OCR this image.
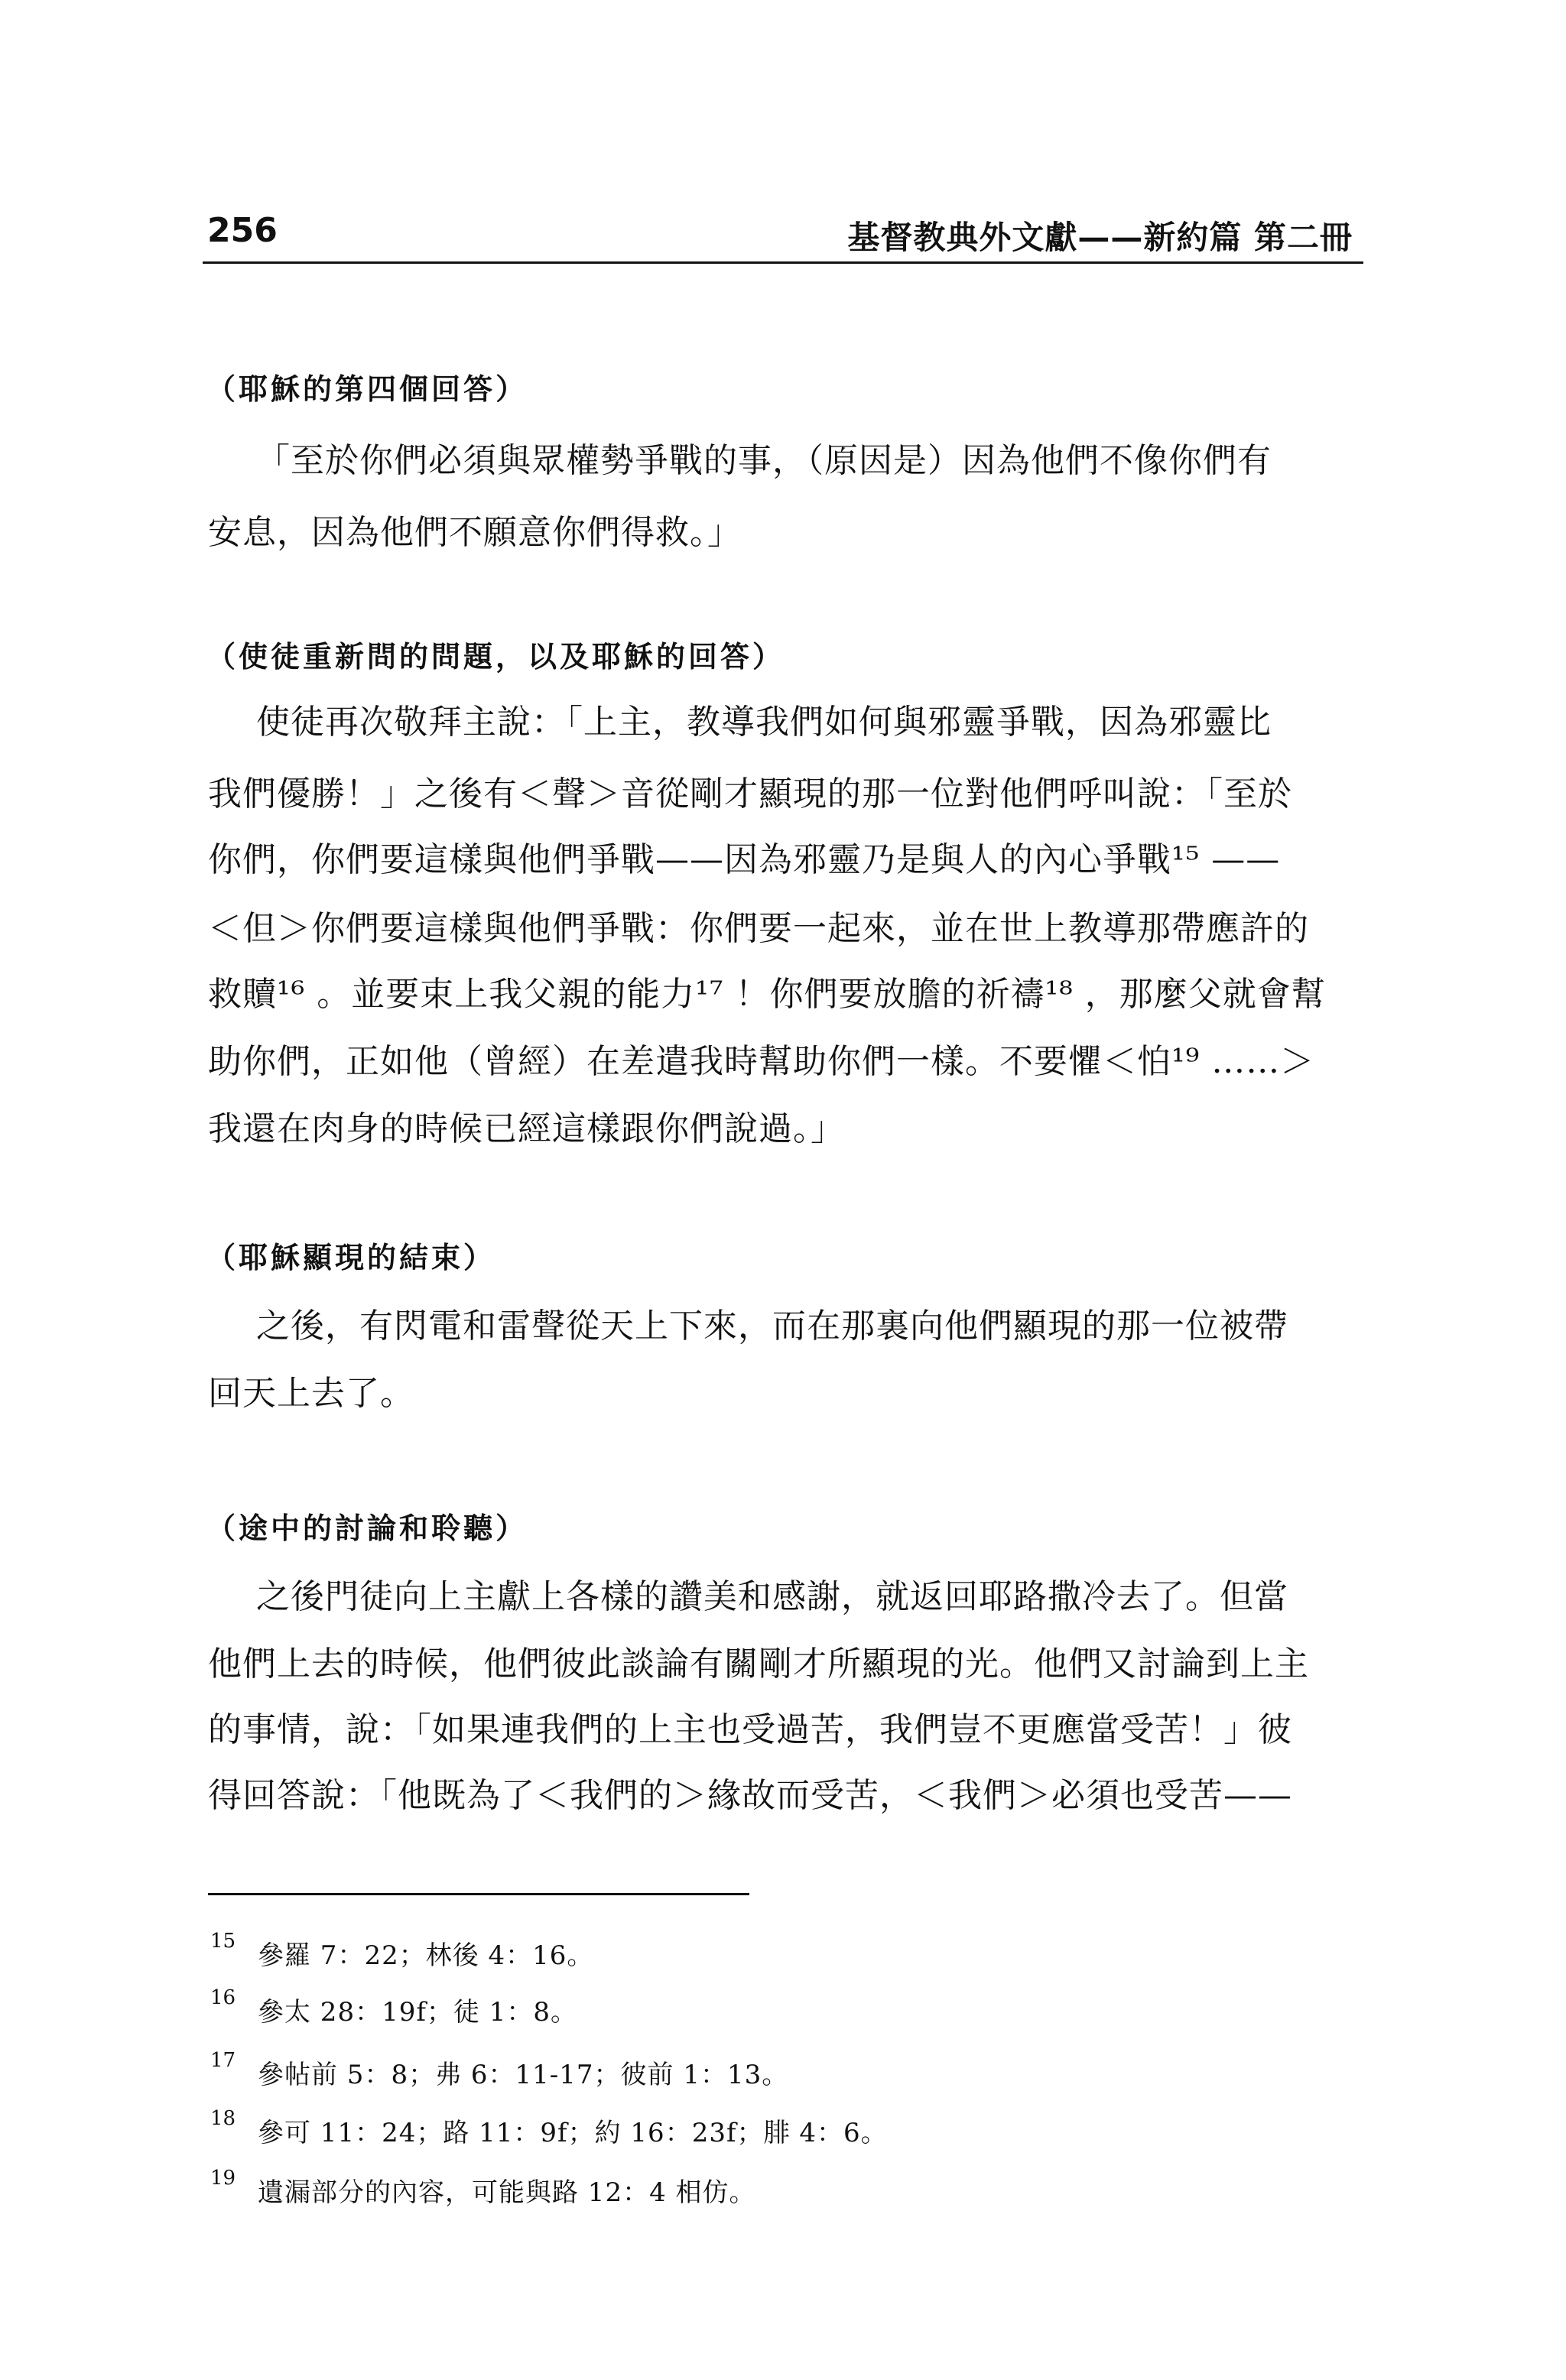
256	基督教典外文獻——新約篇 第二冊
（耶穌的第四個回答）
「至於你們必須與眾權勢爭戰的事，（原因是）因為他們不像你們有
安息，因為他們不願意你們得救。」
（使徒重新問的問題，以及耶穌的回答）
使徒再次敬拜主說：「上主，教導我們如何與邪靈爭戰，因為邪靈比
我們優勝！」之後有＜聲＞音從剛才顯現的那一位對他們呼叫說：「至於
你們，你們要這樣與他們爭戰——因為邪靈乃是與人的內心爭戰¹⁵ ——
＜但＞你們要這樣與他們爭戰：你們要一起來，並在世上教導那帶應許的
救贖¹⁶ 。並要束上我父親的能力¹⁷ ！你們要放膽的祈禱¹⁸ ，那麼父就會幫
助你們，正如他（曾經）在差遣我時幫助你們一樣。不要懼＜怕¹⁹ ……＞
我還在肉身的時候已經這樣跟你們說過。」
（耶穌顯現的結束）
之後，有閃電和雷聲從天上下來，而在那裏向他們顯現的那一位被帶
回天上去了。
（途中的討論和聆聽）
之後門徒向上主獻上各樣的讚美和感謝，就返回耶路撒冷去了。但當
他們上去的時候，他們彼此談論有關剛才所顯現的光。他們又討論到上主
的事情，說：「如果連我們的上主也受過苦，我們豈不更應當受苦！」彼
得回答說：「他既為了＜我們的＞緣故而受苦，＜我們＞必須也受苦——
15 參羅 7：22；林後 4：16。
16 參太 28：19f；徒 1：8。
17 參帖前 5：8；弗 6：11-17；彼前 1：13。
18 參可 11：24；路 11：9f；約 16：23f；腓 4：6。
19 遺漏部分的內容，可能與路 12：4 相仿。
